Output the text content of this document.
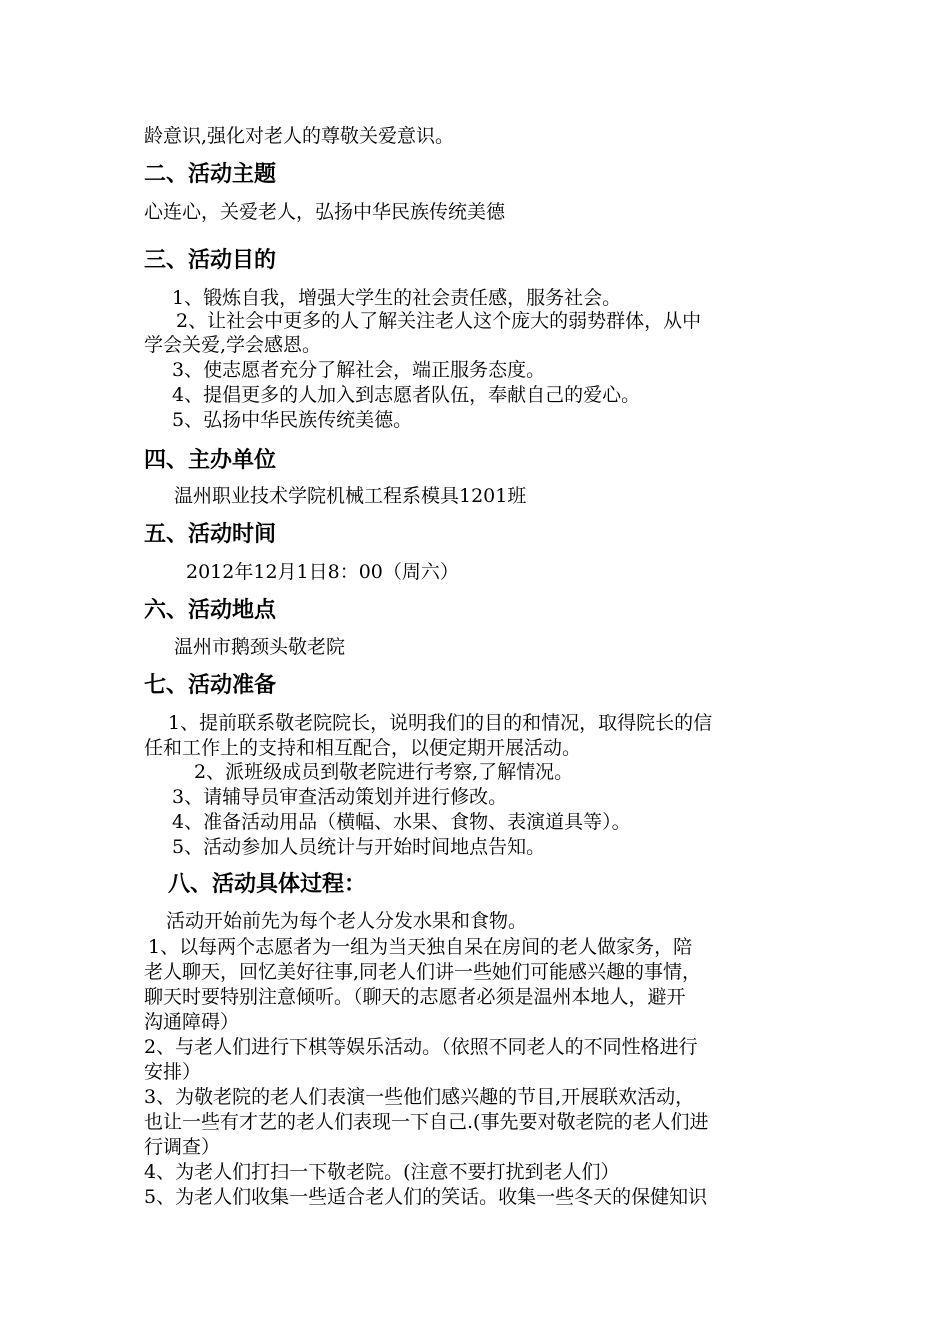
龄意识,强化对老人的尊敬关爱意识。
二、活动主题
心连心，关爱老人，弘扬中华民族传统美德
三、活动目的
1、锻炼自我，增强大学生的社会责任感，服务社会。
2、让社会中更多的人了解关注老人这个庞大的弱势群体，从中
学会关爱,学会感恩。
3、使志愿者充分了解社会，端正服务态度。
4、提倡更多的人加入到志愿者队伍，奉献自己的爱心。
5、弘扬中华民族传统美德。
四、主办单位
温州职业技术学院机械工程系模具1201班
五、活动时间
2012年12月1日8：00（周六）
六、活动地点
温州市鹅颈头敬老院
七、活动准备
1、提前联系敬老院院长，说明我们的目的和情况，取得院长的信
任和工作上的支持和相互配合，以便定期开展活动。
2、派班级成员到敬老院进行考察,了解情况。
3、请辅导员审查活动策划并进行修改。
4、准备活动用品（横幅、水果、食物、表演道具等）。
5、活动参加人员统计与开始时间地点告知。
八、活动具体过程：
活动开始前先为每个老人分发水果和食物。
1、以每两个志愿者为一组为当天独自呆在房间的老人做家务，陪
老人聊天，回忆美好往事,同老人们讲一些她们可能感兴趣的事情，
聊天时要特别注意倾听。（聊天的志愿者必须是温州本地人，避开
沟通障碍）
2、与老人们进行下棋等娱乐活动。（依照不同老人的不同性格进行
安排）
3、为敬老院的老人们表演一些他们感兴趣的节目,开展联欢活动，
也让一些有才艺的老人们表现一下自己.(事先要对敬老院的老人们进
行调查）
4、为老人们打扫一下敬老院。(注意不要打扰到老人们）
5、为老人们收集一些适合老人们的笑话。收集一些冬天的保健知识
